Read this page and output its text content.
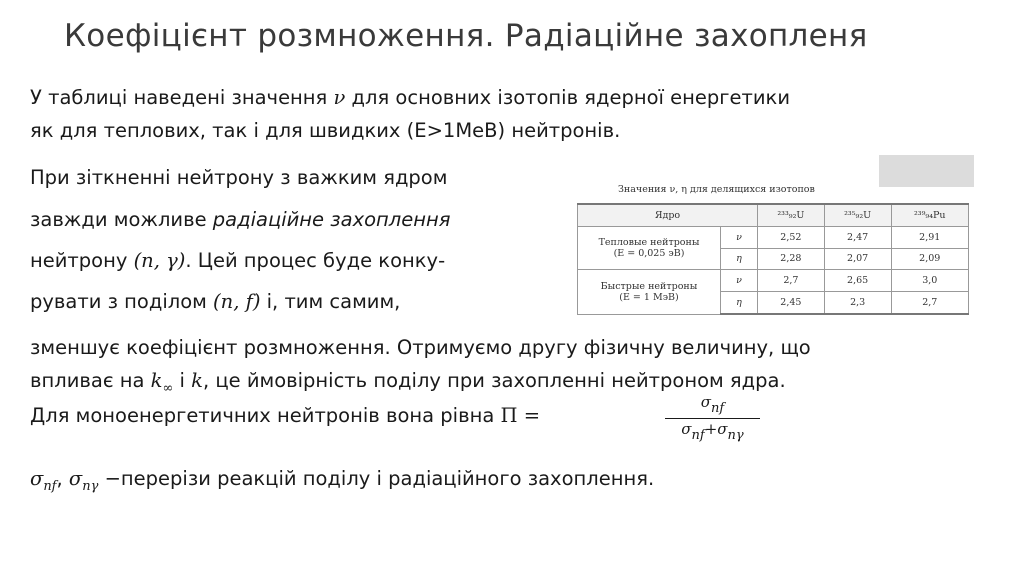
Коефіцієнт розмноження. Радіаційне захопленя
У таблиці наведені значення ν для основних ізотопів ядерної енергетики
як для теплових, так і для швидких (E>1МеВ) нейтронів.
При зіткненні нейтрону з важким ядром
завжди можливе радіаційне захоплення
нейтрону (n, γ). Цей процес буде конку-
рувати з поділом (n, f) і, тим самим,
зменшує коефіцієнт розмноження. Отримуємо другу фізичну величину, що
впливає на $k_\infty$ і k, це ймовірність поділу при захопленні нейтроном ядра.
Для моноенергетичних нейтронів вона рівна Π =
σnf
σnf+σnγ
$\sigma_{nf}$, $\sigma_{n\gamma}$ −перерізи реакцій поділу і радіаційного захоплення.
Значения ν, η для делящихся изотопов
Ядро		²³³₉₂U	²³⁵₉₂U	²³⁹₉₄Pu

Тепловые нейтроны
(E = 0,025 эВ)	ν	2,52	2,47	2,91
	η	2,28	2,07	2,09

Быстрые нейтроны
(E = 1 МэВ)	ν	2,7	2,65	3,0
	η	2,45	2,3	2,7
